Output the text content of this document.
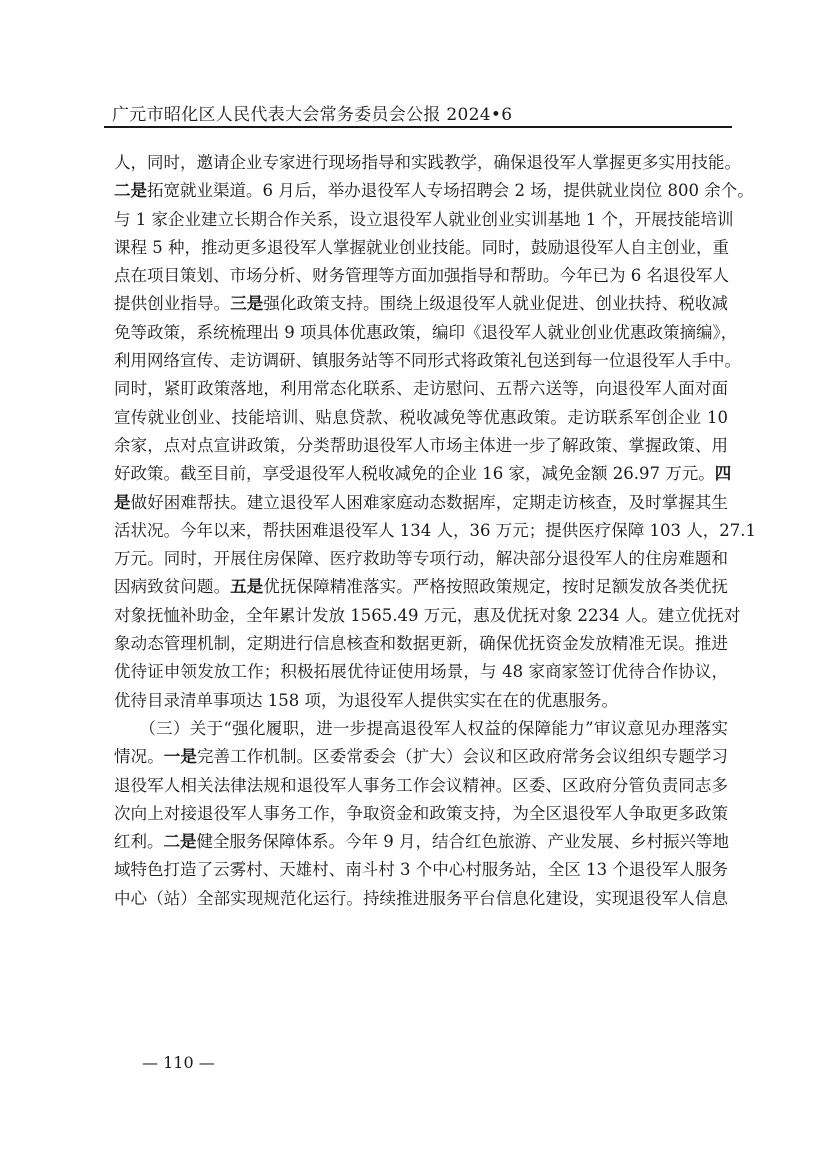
广元市昭化区人民代表大会常务委员会公报 2024•6
人，同时，邀请企业专家进行现场指导和实践教学，确保退役军人掌握更多实用技能。
二是拓宽就业渠道。6 月后，举办退役军人专场招聘会 2 场，提供就业岗位 800 余个。
与 1 家企业建立长期合作关系，设立退役军人就业创业实训基地 1 个，开展技能培训
课程 5 种，推动更多退役军人掌握就业创业技能。同时，鼓励退役军人自主创业，重
点在项目策划、市场分析、财务管理等方面加强指导和帮助。今年已为 6 名退役军人
提供创业指导。三是强化政策支持。围绕上级退役军人就业促进、创业扶持、税收减
免等政策，系统梳理出 9 项具体优惠政策，编印《退役军人就业创业优惠政策摘编》，
利用网络宣传、走访调研、镇服务站等不同形式将政策礼包送到每一位退役军人手中。
同时，紧盯政策落地，利用常态化联系、走访慰问、五帮六送等，向退役军人面对面
宣传就业创业、技能培训、贴息贷款、税收减免等优惠政策。走访联系军创企业 10
余家，点对点宣讲政策，分类帮助退役军人市场主体进一步了解政策、掌握政策、用
好政策。截至目前，享受退役军人税收减免的企业 16 家，减免金额 26.97 万元。四
是做好困难帮扶。建立退役军人困难家庭动态数据库，定期走访核查，及时掌握其生
活状况。今年以来，帮扶困难退役军人 134 人，36 万元；提供医疗保障 103 人，27.1
万元。同时，开展住房保障、医疗救助等专项行动，解决部分退役军人的住房难题和
因病致贫问题。五是优抚保障精准落实。严格按照政策规定，按时足额发放各类优抚
对象抚恤补助金，全年累计发放 1565.49 万元，惠及优抚对象 2234 人。建立优抚对
象动态管理机制，定期进行信息核查和数据更新，确保优抚资金发放精准无误。推进
优待证申领发放工作；积极拓展优待证使用场景，与 48 家商家签订优待合作协议，
优待目录清单事项达 158 项，为退役军人提供实实在在的优惠服务。
　　（三）关于“强化履职，进一步提高退役军人权益的保障能力”审议意见办理落实
情况。一是完善工作机制。区委常委会（扩大）会议和区政府常务会议组织专题学习
退役军人相关法律法规和退役军人事务工作会议精神。区委、区政府分管负责同志多
次向上对接退役军人事务工作，争取资金和政策支持，为全区退役军人争取更多政策
红利。二是健全服务保障体系。今年 9 月，结合红色旅游、产业发展、乡村振兴等地
域特色打造了云雾村、天雄村、南斗村 3 个中心村服务站，全区 13 个退役军人服务
中心（站）全部实现规范化运行。持续推进服务平台信息化建设，实现退役军人信息
— 110 —
